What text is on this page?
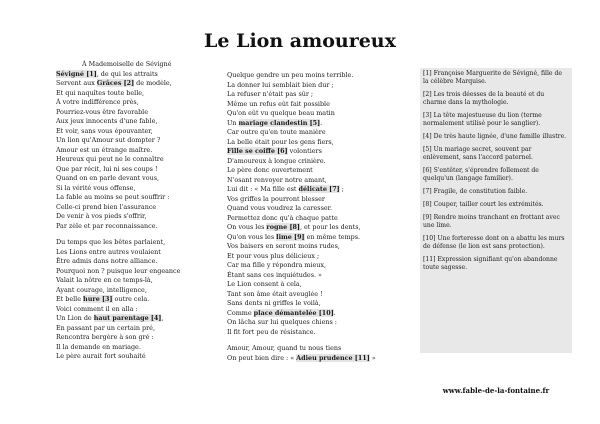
Le Lion amoureux
À Mademoiselle de Sévigné
Sévigné [1], de qui les attraits
Servent aux Grâces [2] de modèle,
Et qui naquîtes toute belle,
À votre indifférence près,
Pourriez-vous être favorable
Aux jeux innocents d'une fable,
Et voir, sans vous épouvanter,
Un lion qu'Amour sut dompter ?
Amour est un étrange maître.
Heureux qui peut ne le connaître
Que par récit, lui ni ses coups !
Quand on en parle devant vous,
Si la vérité vous offense,
La fable au moins se peut souffrir :
Celle-ci prend bien l'assurance
De venir à vos pieds s'offrir,
Par zèle et par reconnaissance.
Du temps que les bêtes parlaient,
Les Lions entre autres voulaient
Être admis dans notre alliance.
Pourquoi non ? puisque leur engeance
Valait la nôtre en ce temps-là,
Ayant courage, intelligence,
Et belle hure [3] outre cela.
Voici comment il en alla :
Un Lion de haut parentage [4],
En passant par un certain pré,
Rencontra bergère à son gré :
Il la demande en mariage.
Le père aurait fort souhaité
Quelque gendre un peu moins terrible.
La donner lui semblait bien dur ;
La refuser n'était pas sûr ;
Même un refus eût fait possible
Qu'on eût vu quelque beau matin
Un mariage clandestin [5].
Car outre qu'en toute manière
La belle était pour les gens fiers,
Fille se coiffe [6] volontiers
D'amoureux à longue crinière.
Le père donc ouvertement
N'osant renvoyer notre amant,
Lui dit : « Ma fille est délicate [7] ;
Vos griffes la pourront blesser
Quand vous voudrez la caresser.
Permettez donc qu'à chaque patte
On vous les rogne [8], et pour les dents,
Qu'on vous les lime [9] en même temps.
Vos baisers en seront moins rudes,
Et pour vous plus délicieux ;
Car ma fille y répondra mieux,
Étant sans ces inquiétudes. »
Le Lion consent à cela,
Tant son âme était aveuglée !
Sans dents ni griffes le voilà,
Comme place démantelée [10].
On lâcha sur lui quelques chiens :
Il fit fort peu de résistance.
Amour, Amour, quand tu nous tiens
On peut bien dire : « Adieu prudence [11] »
[1] Françoise Marguerite de Sévigné, fille de la célèbre Marquise.
[2] Les trois déesses de la beauté et du charme dans la mythologie.
[3] La tête majestueuse du lion (terme normalement utilisé pour le sanglier).
[4] De très haute lignée, d'une famille illustre.
[5] Un mariage secret, souvent par enlèvement, sans l'accord paternel.
[6] S'entêter, s'éprendre follement de quelqu'un (langage familier).
[7] Fragile, de constitution faible.
[8] Couper, tailler court les extrémités.
[9] Rendre moins tranchant en frottant avec une lime.
[10] Une forteresse dont on a abattu les murs de défense (le lion est sans protection).
[11] Expression signifiant qu'on abandonne toute sagesse.
www.fable-de-la-fontaine.fr
